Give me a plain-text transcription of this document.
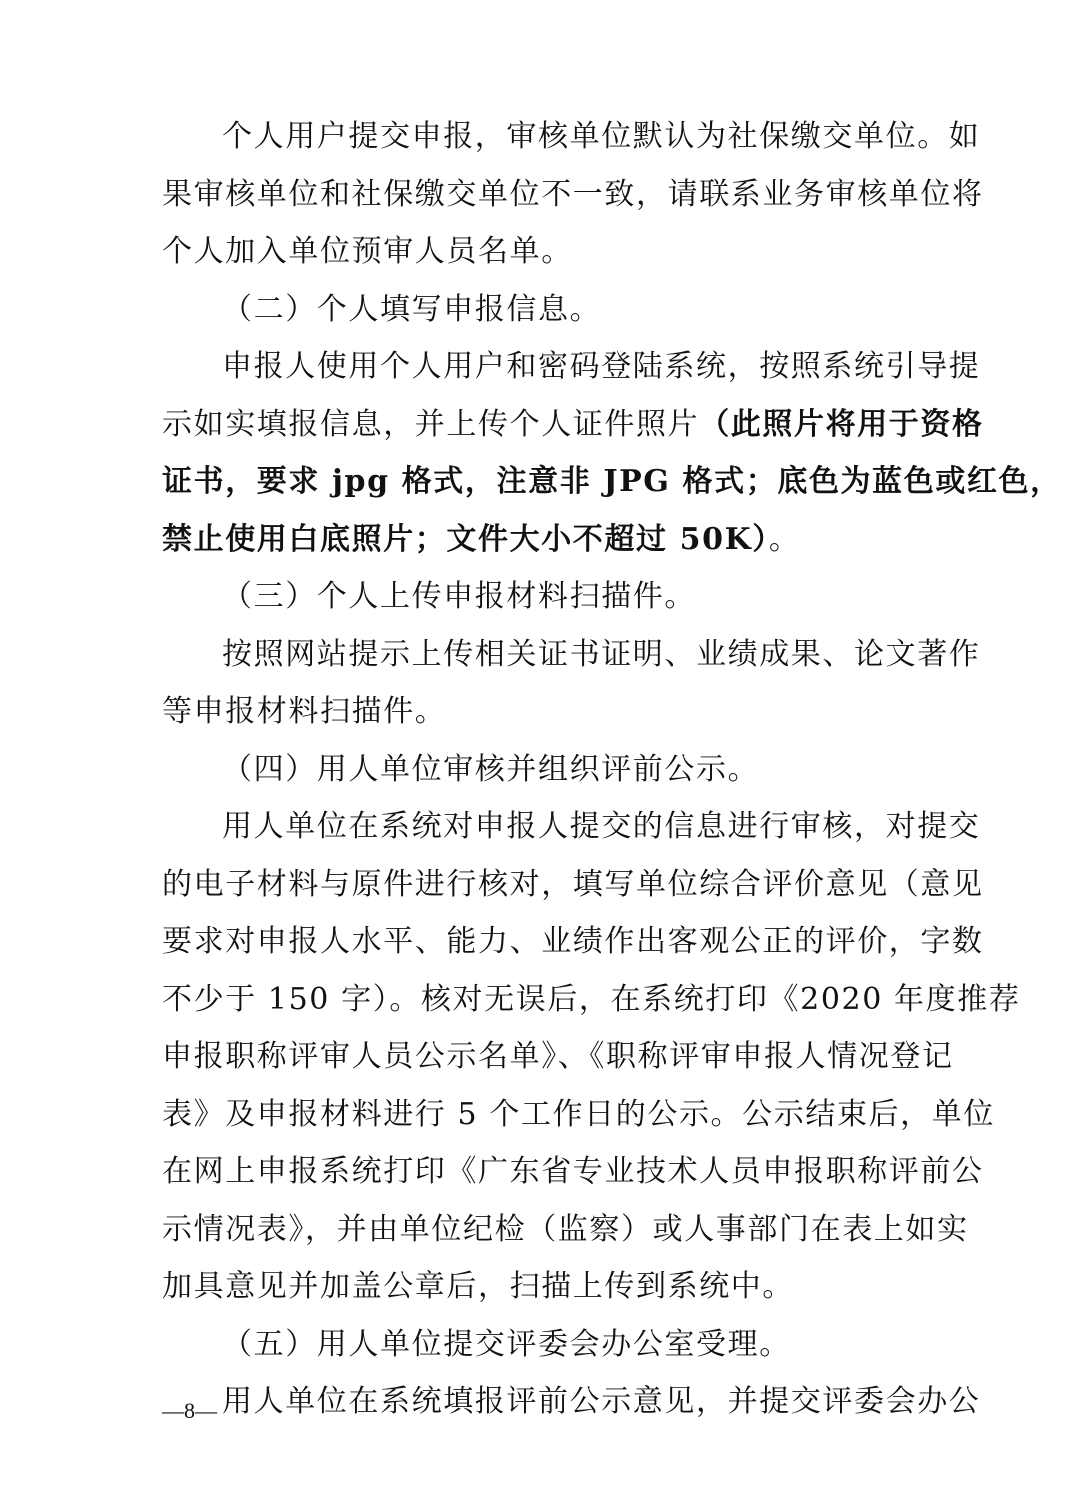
个人用户提交申报，审核单位默认为社保缴交单位。如
果审核单位和社保缴交单位不一致，请联系业务审核单位将
个人加入单位预审人员名单。
（二）个人填写申报信息。
申报人使用个人用户和密码登陆系统，按照系统引导提
示如实填报信息，并上传个人证件照片（此照片将用于资格
证书，要求 jpg 格式，注意非 JPG 格式；底色为蓝色或红色，
禁止使用白底照片；文件大小不超过 50K）。
（三）个人上传申报材料扫描件。
按照网站提示上传相关证书证明、业绩成果、论文著作
等申报材料扫描件。
（四）用人单位审核并组织评前公示。
用人单位在系统对申报人提交的信息进行审核，对提交
的电子材料与原件进行核对，填写单位综合评价意见（意见
要求对申报人水平、能力、业绩作出客观公正的评价，字数
不少于 150 字）。核对无误后，在系统打印《2020 年度推荐
申报职称评审人员公示名单》、《职称评审申报人情况登记
表》及申报材料进行 5 个工作日的公示。公示结束后，单位
在网上申报系统打印《广东省专业技术人员申报职称评前公
示情况表》，并由单位纪检（监察）或人事部门在表上如实
加具意见并加盖公章后，扫描上传到系统中。
（五）用人单位提交评委会办公室受理。
用人单位在系统填报评前公示意见，并提交评委会办公
—8—
